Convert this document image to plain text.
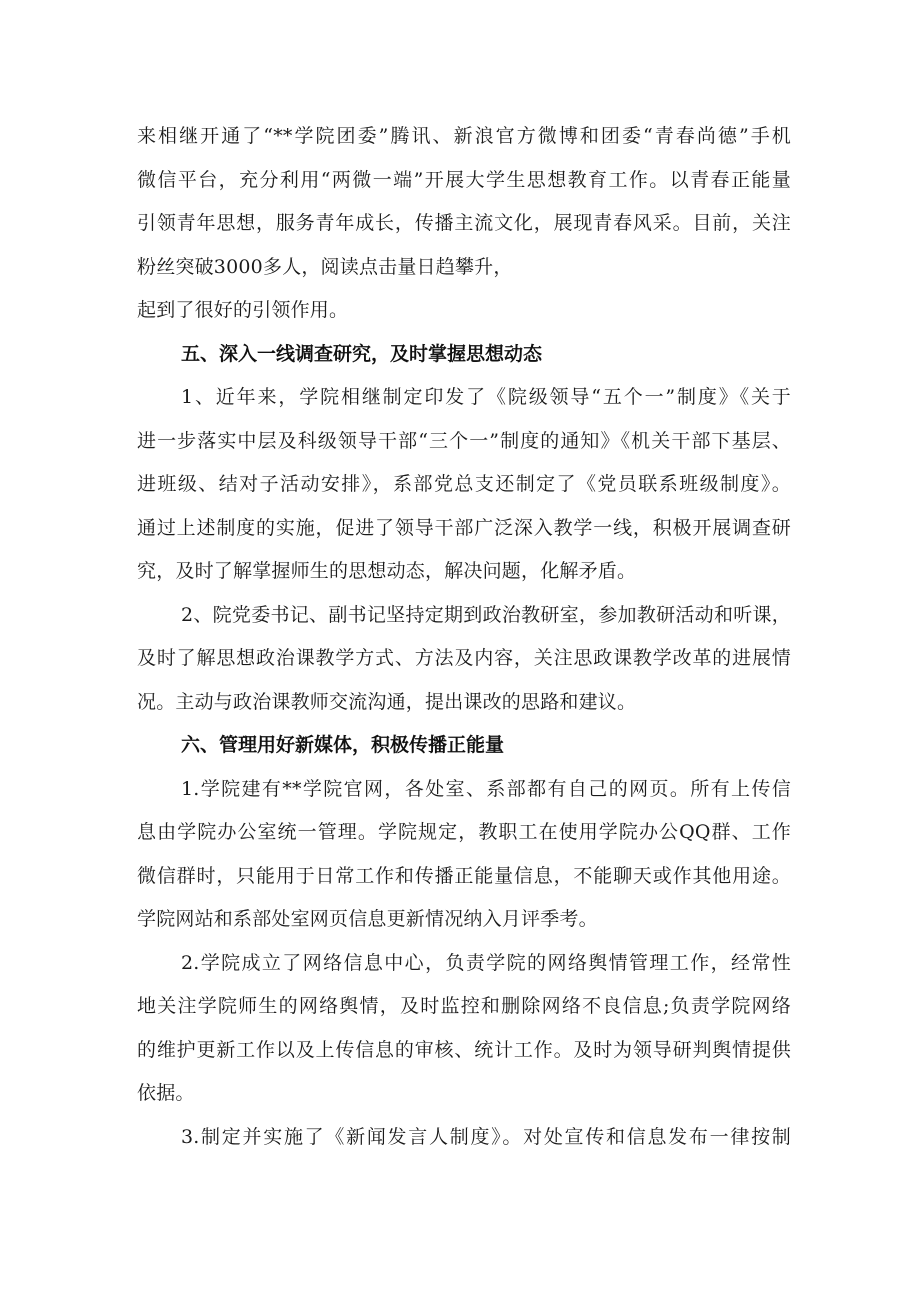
来相继开通了“**学院团委”腾讯、新浪官方微博和团委“青春尚德”手机
微信平台，充分利用“两微一端”开展大学生思想教育工作。以青春正能量
引领青年思想，服务青年成长，传播主流文化，展现青春风采。目前，关注
粉丝突破3000多人，阅读点击量日趋攀升，
起到了很好的引领作用。
五、深入一线调查研究，及时掌握思想动态
1、近年来，学院相继制定印发了《院级领导“五个一”制度》《关于
进一步落实中层及科级领导干部“三个一”制度的通知》《机关干部下基层、
进班级、结对子活动安排》，系部党总支还制定了《党员联系班级制度》。
通过上述制度的实施，促进了领导干部广泛深入教学一线，积极开展调查研
究，及时了解掌握师生的思想动态，解决问题，化解矛盾。
2、院党委书记、副书记坚持定期到政治教研室，参加教研活动和听课，
及时了解思想政治课教学方式、方法及内容，关注思政课教学改革的进展情
况。主动与政治课教师交流沟通，提出课改的思路和建议。
六、管理用好新媒体，积极传播正能量
1.学院建有**学院官网，各处室、系部都有自己的网页。所有上传信
息由学院办公室统一管理。学院规定，教职工在使用学院办公QQ群、工作
微信群时，只能用于日常工作和传播正能量信息，不能聊天或作其他用途。
学院网站和系部处室网页信息更新情况纳入月评季考。
2.学院成立了网络信息中心，负责学院的网络舆情管理工作，经常性
地关注学院师生的网络舆情，及时监控和删除网络不良信息;负责学院网络
的维护更新工作以及上传信息的审核、统计工作。及时为领导研判舆情提供
依据。
3.制定并实施了《新闻发言人制度》。对处宣传和信息发布一律按制
